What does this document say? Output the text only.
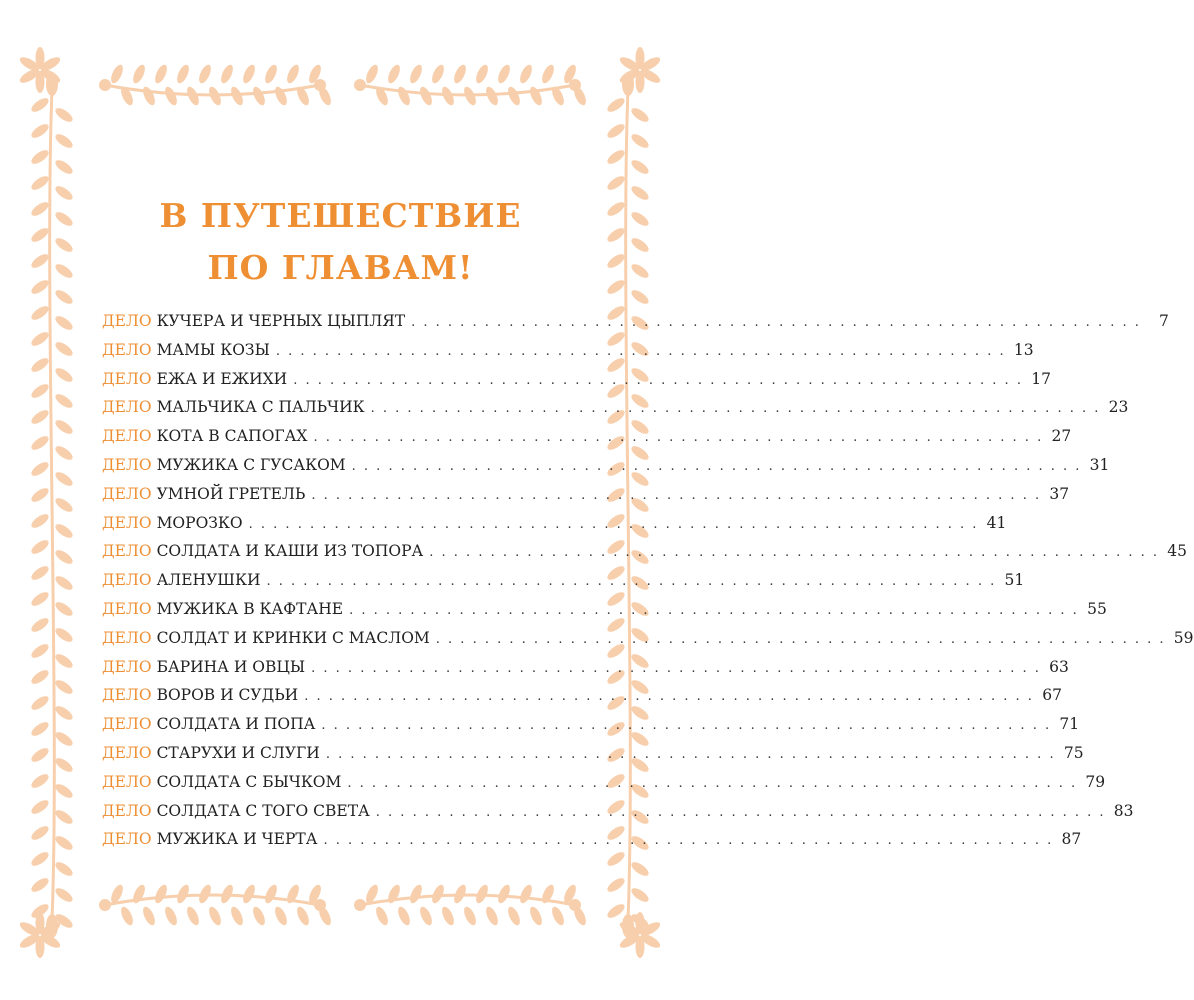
В ПУТЕШЕСТВИЕ
ПО ГЛАВАМ!
ДЕЛО КУЧЕРА И ЧЕРНЫХ ЦЫПЛЯТ . . . . . . . . . . . . . . . . . . . . . . . . . . . . . . . . . . . . . . . . . . . . . . . . . . . . . . . . . . . .	7
ДЕЛО МАМЫ КОЗЫ . . . . . . . . . . . . . . . . . . . . . . . . . . . . . . . . . . . . . . . . . . . . . . . . . . . . . . . . . . . . 13
ДЕЛО ЕЖА И ЕЖИХИ . . . . . . . . . . . . . . . . . . . . . . . . . . . . . . . . . . . . . . . . . . . . . . . . . . . . . . . . . . . . 17
ДЕЛО МАЛЬЧИКА С ПАЛЬЧИК . . . . . . . . . . . . . . . . . . . . . . . . . . . . . . . . . . . . . . . . . . . . . . . . . . . . . . . . . . . . 23
ДЕЛО КОТА В САПОГАХ . . . . . . . . . . . . . . . . . . . . . . . . . . . . . . . . . . . . . . . . . . . . . . . . . . . . . . . . . . . . 27
ДЕЛО МУЖИКА С ГУСАКОМ . . . . . . . . . . . . . . . . . . . . . . . . . . . . . . . . . . . . . . . . . . . . . . . . . . . . . . . . . . . . 31
ДЕЛО УМНОЙ ГРЕТЕЛЬ . . . . . . . . . . . . . . . . . . . . . . . . . . . . . . . . . . . . . . . . . . . . . . . . . . . . . . . . . . . . 37
ДЕЛО МОРОЗКО . . . . . . . . . . . . . . . . . . . . . . . . . . . . . . . . . . . . . . . . . . . . . . . . . . . . . . . . . . . . 41
ДЕЛО СОЛДАТА И КАШИ ИЗ ТОПОРА . . . . . . . . . . . . . . . . . . . . . . . . . . . . . . . . . . . . . . . . . . . . . . . . . . . . . . . . . . . . 45
ДЕЛО АЛЕНУШКИ . . . . . . . . . . . . . . . . . . . . . . . . . . . . . . . . . . . . . . . . . . . . . . . . . . . . . . . . . . . . 51
ДЕЛО МУЖИКА В КАФТАНЕ . . . . . . . . . . . . . . . . . . . . . . . . . . . . . . . . . . . . . . . . . . . . . . . . . . . . . . . . . . . . 55
ДЕЛО СОЛДАТ И КРИНКИ С МАСЛОМ . . . . . . . . . . . . . . . . . . . . . . . . . . . . . . . . . . . . . . . . . . . . . . . . . . . . . . . . . . . . 59
ДЕЛО БАРИНА И ОВЦЫ . . . . . . . . . . . . . . . . . . . . . . . . . . . . . . . . . . . . . . . . . . . . . . . . . . . . . . . . . . . . 63
ДЕЛО ВОРОВ И СУДЬИ . . . . . . . . . . . . . . . . . . . . . . . . . . . . . . . . . . . . . . . . . . . . . . . . . . . . . . . . . . . . 67
ДЕЛО СОЛДАТА И ПОПА . . . . . . . . . . . . . . . . . . . . . . . . . . . . . . . . . . . . . . . . . . . . . . . . . . . . . . . . . . . . 71
ДЕЛО СТАРУХИ И СЛУГИ . . . . . . . . . . . . . . . . . . . . . . . . . . . . . . . . . . . . . . . . . . . . . . . . . . . . . . . . . . . . 75
ДЕЛО СОЛДАТА С БЫЧКОМ . . . . . . . . . . . . . . . . . . . . . . . . . . . . . . . . . . . . . . . . . . . . . . . . . . . . . . . . . . . . 79
ДЕЛО СОЛДАТА С ТОГО СВЕТА . . . . . . . . . . . . . . . . . . . . . . . . . . . . . . . . . . . . . . . . . . . . . . . . . . . . . . . . . . . . 83
ДЕЛО МУЖИКА И ЧЕРТА . . . . . . . . . . . . . . . . . . . . . . . . . . . . . . . . . . . . . . . . . . . . . . . . . . . . . . . . . . . . 87
